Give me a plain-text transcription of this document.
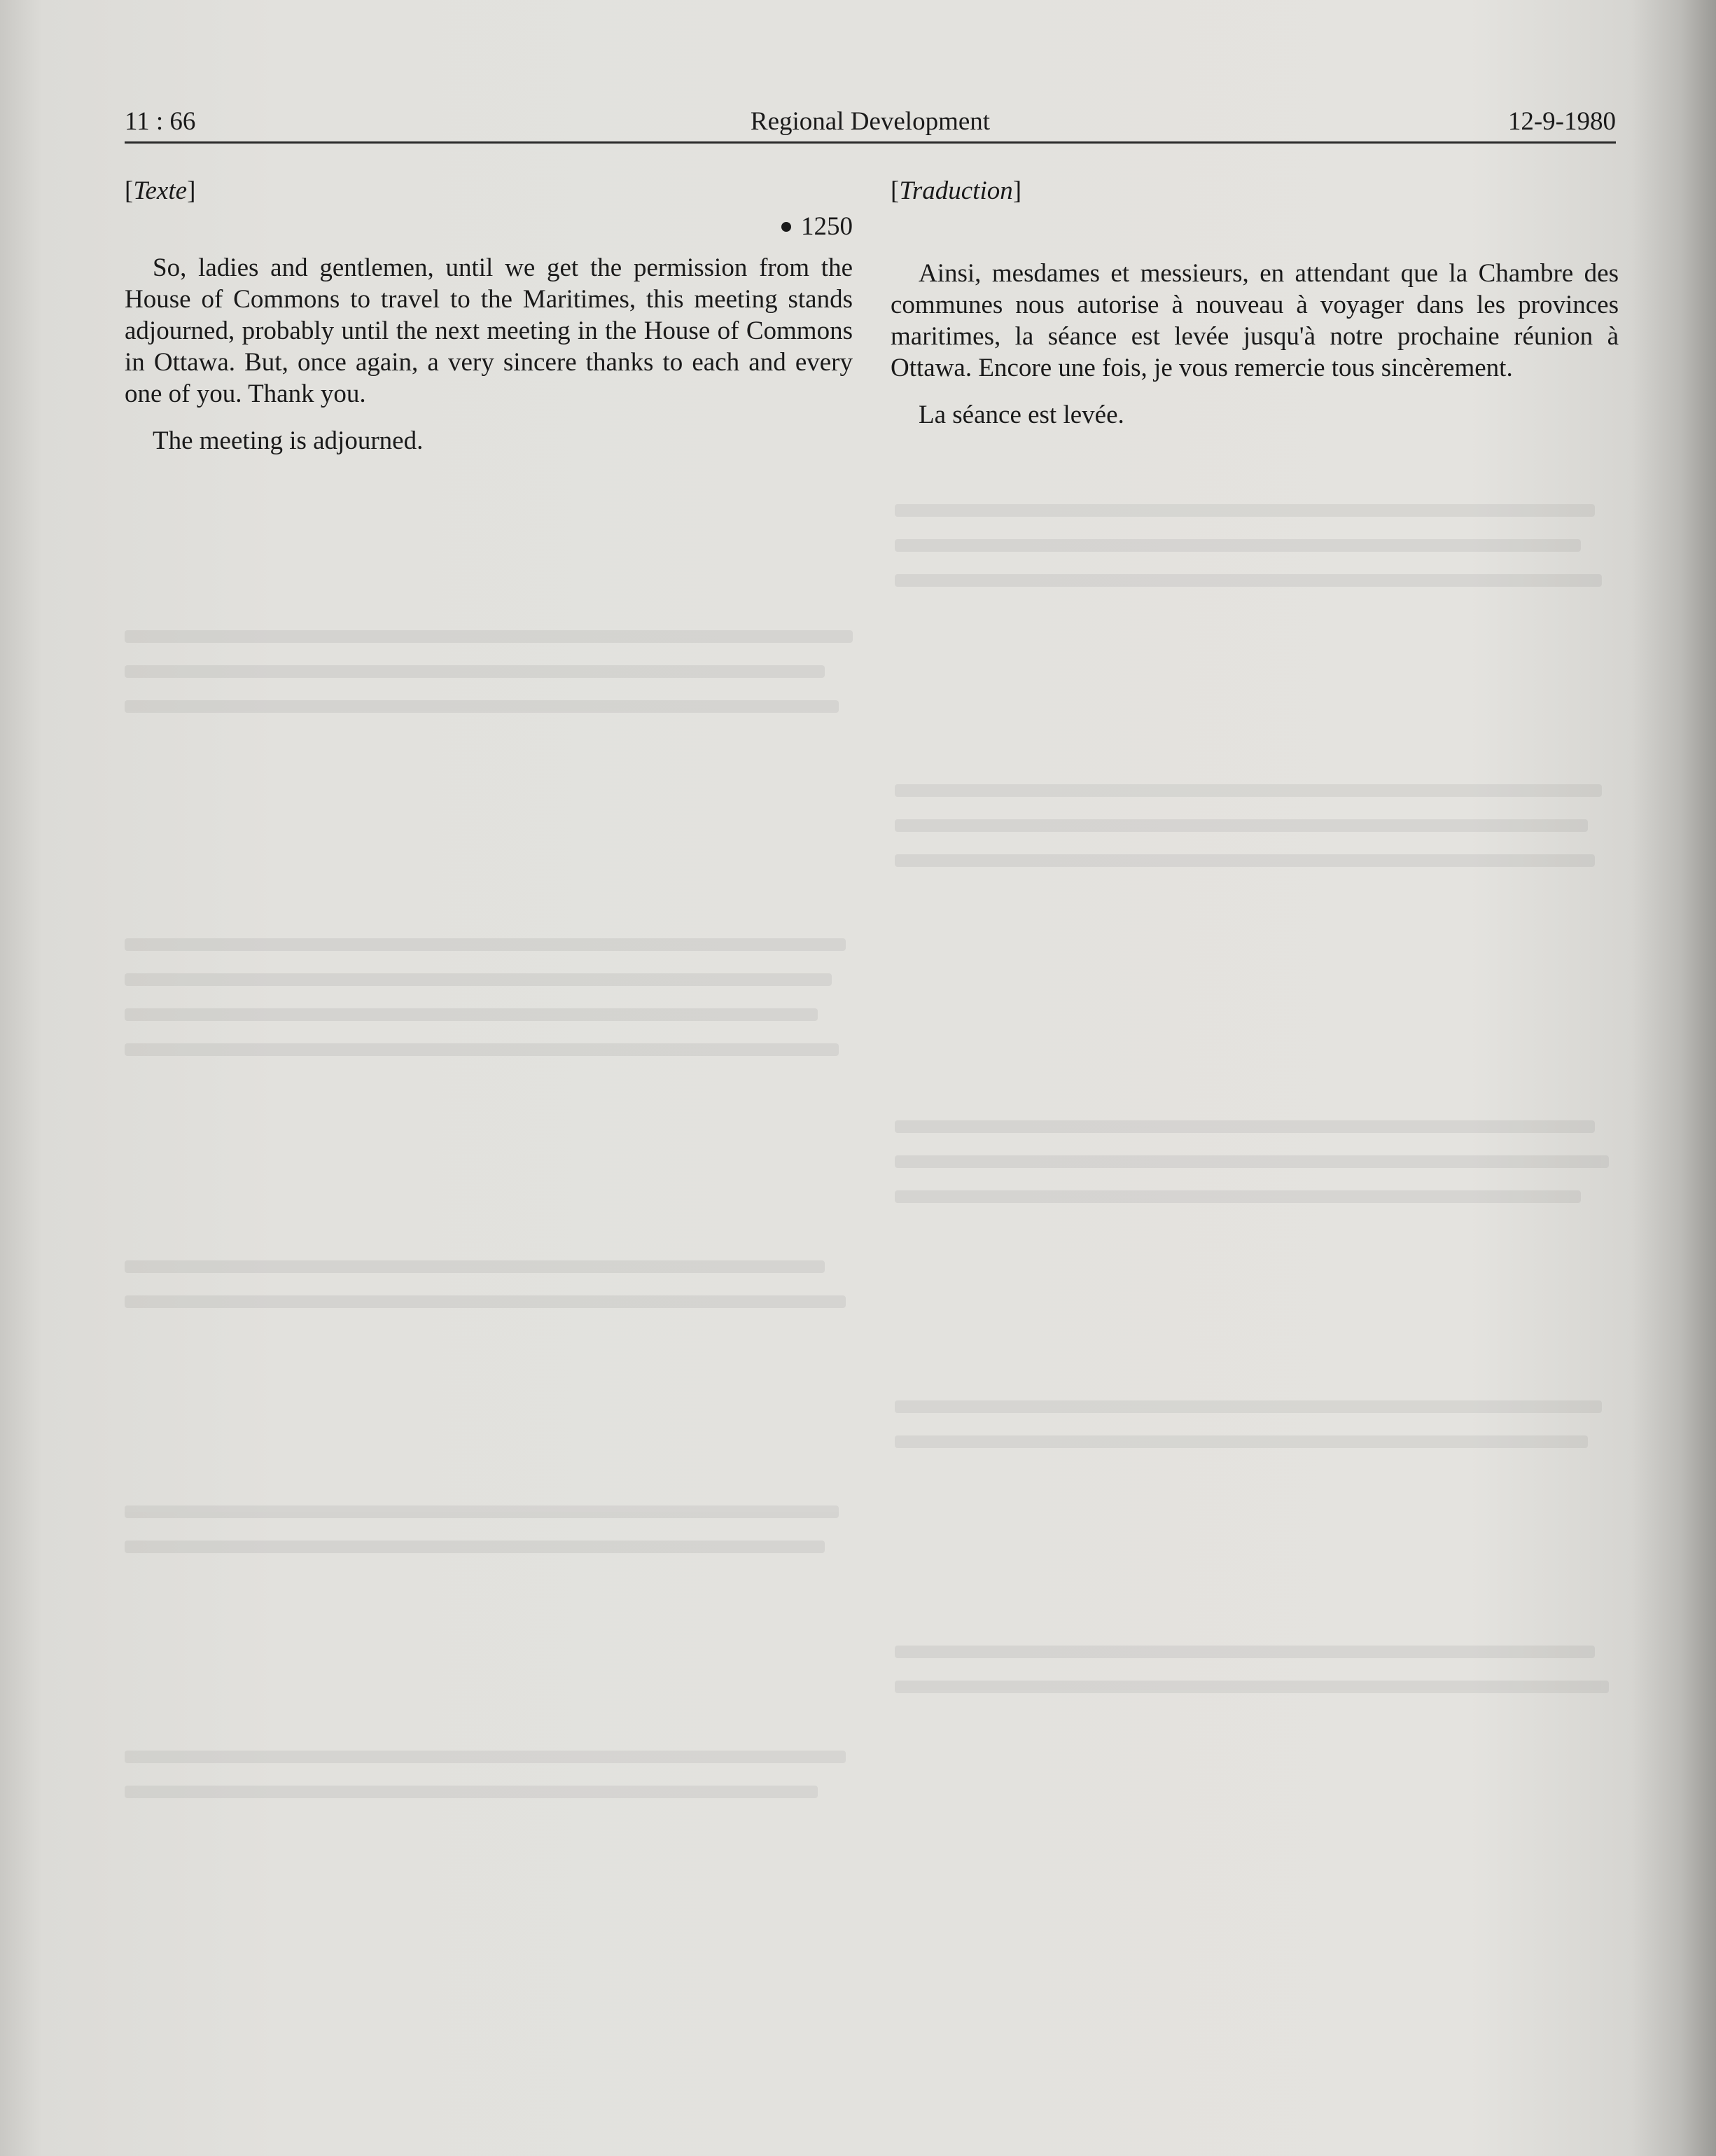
11 : 66	Regional Development	12-9-1980
[Texte]
1250

So, ladies and gentlemen, until we get the permission from the House of Commons to travel to the Maritimes, this meeting stands adjourned, probably until the next meeting in the House of Commons in Ottawa. But, once again, a very sincere thanks to each and every one of you. Thank you.

The meeting is adjourned.

[Traduction]

Ainsi, mesdames et messieurs, en attendant que la Chambre des communes nous autorise à nouveau à voyager dans les provinces maritimes, la séance est levée jusqu'à notre prochaine réunion à Ottawa. Encore une fois, je vous remercie tous sincèrement.

La séance est levée.
